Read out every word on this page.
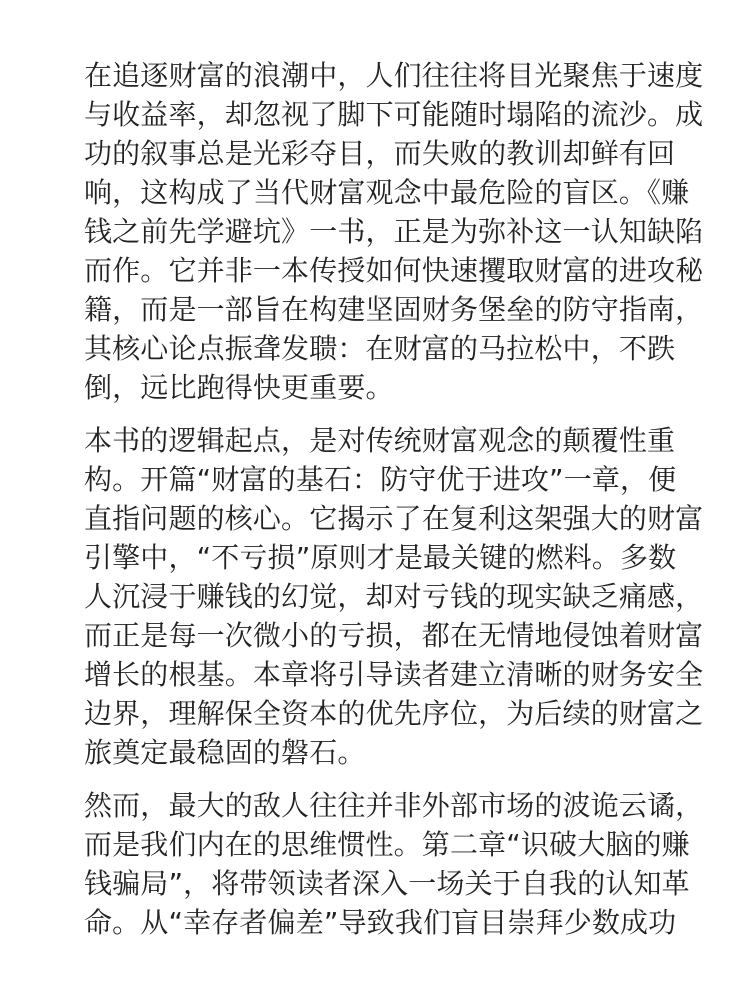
在追逐财富的浪潮中，人们往往将目光聚焦于速度
与收益率，却忽视了脚下可能随时塌陷的流沙。成
功的叙事总是光彩夺目，而失败的教训却鲜有回
响，这构成了当代财富观念中最危险的盲区。《赚
钱之前先学避坑》一书，正是为弥补这一认知缺陷
而作。它并非一本传授如何快速攫取财富的进攻秘
籍，而是一部旨在构建坚固财务堡垒的防守指南，
其核心论点振聋发聩：在财富的马拉松中，不跌
倒，远比跑得快更重要。
本书的逻辑起点，是对传统财富观念的颠覆性重
构。开篇“财富的基石：防守优于进攻”一章，便
直指问题的核心。它揭示了在复利这架强大的财富
引擎中，“不亏损”原则才是最关键的燃料。多数
人沉浸于赚钱的幻觉，却对亏钱的现实缺乏痛感，
而正是每一次微小的亏损，都在无情地侵蚀着财富
增长的根基。本章将引导读者建立清晰的财务安全
边界，理解保全资本的优先序位，为后续的财富之
旅奠定最稳固的磐石。
然而，最大的敌人往往并非外部市场的波诡云谲，
而是我们内在的思维惯性。第二章“识破大脑的赚
钱骗局”，将带领读者深入一场关于自我的认知革
命。从“幸存者偏差”导致我们盲目崇拜少数成功
